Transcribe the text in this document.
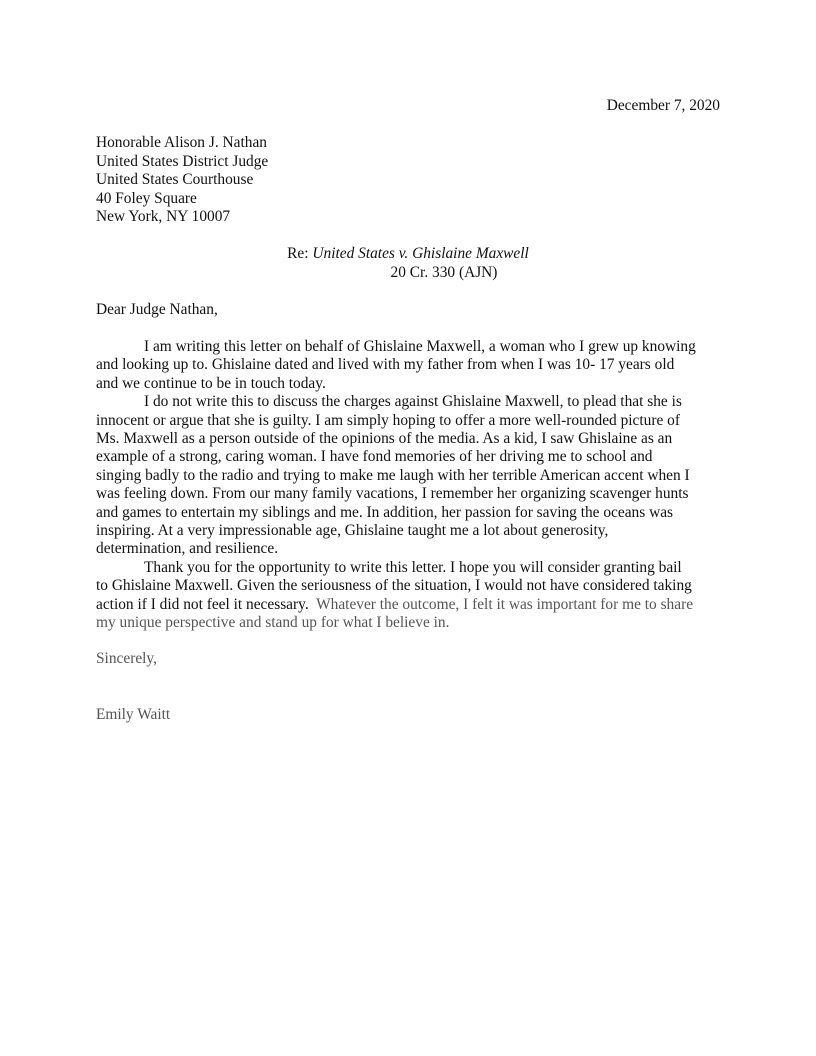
December 7, 2020
Honorable Alison J. Nathan
United States District Judge
United States Courthouse
40 Foley Square
New York, NY 10007
Re: United States v. Ghislaine Maxwell
20 Cr. 330 (AJN)
Dear Judge Nathan,

I am writing this letter on behalf of Ghislaine Maxwell, a woman who I grew up knowing
and looking up to. Ghislaine dated and lived with my father from when I was 10- 17 years old
and we continue to be in touch today.

I do not write this to discuss the charges against Ghislaine Maxwell, to plead that she is
innocent or argue that she is guilty. I am simply hoping to offer a more well-rounded picture of
Ms. Maxwell as a person outside of the opinions of the media. As a kid, I saw Ghislaine as an
example of a strong, caring woman. I have fond memories of her driving me to school and
singing badly to the radio and trying to make me laugh with her terrible American accent when I
was feeling down. From our many family vacations, I remember her organizing scavenger hunts
and games to entertain my siblings and me. In addition, her passion for saving the oceans was
inspiring. At a very impressionable age, Ghislaine taught me a lot about generosity,
determination, and resilience.

Thank you for the opportunity to write this letter. I hope you will consider granting bail
to Ghislaine Maxwell. Given the seriousness of the situation, I would not have considered taking
action if I did not feel it necessary.  Whatever the outcome, I felt it was important for me to share
my unique perspective and stand up for what I believe in.

Sincerely,
Emily Waitt
